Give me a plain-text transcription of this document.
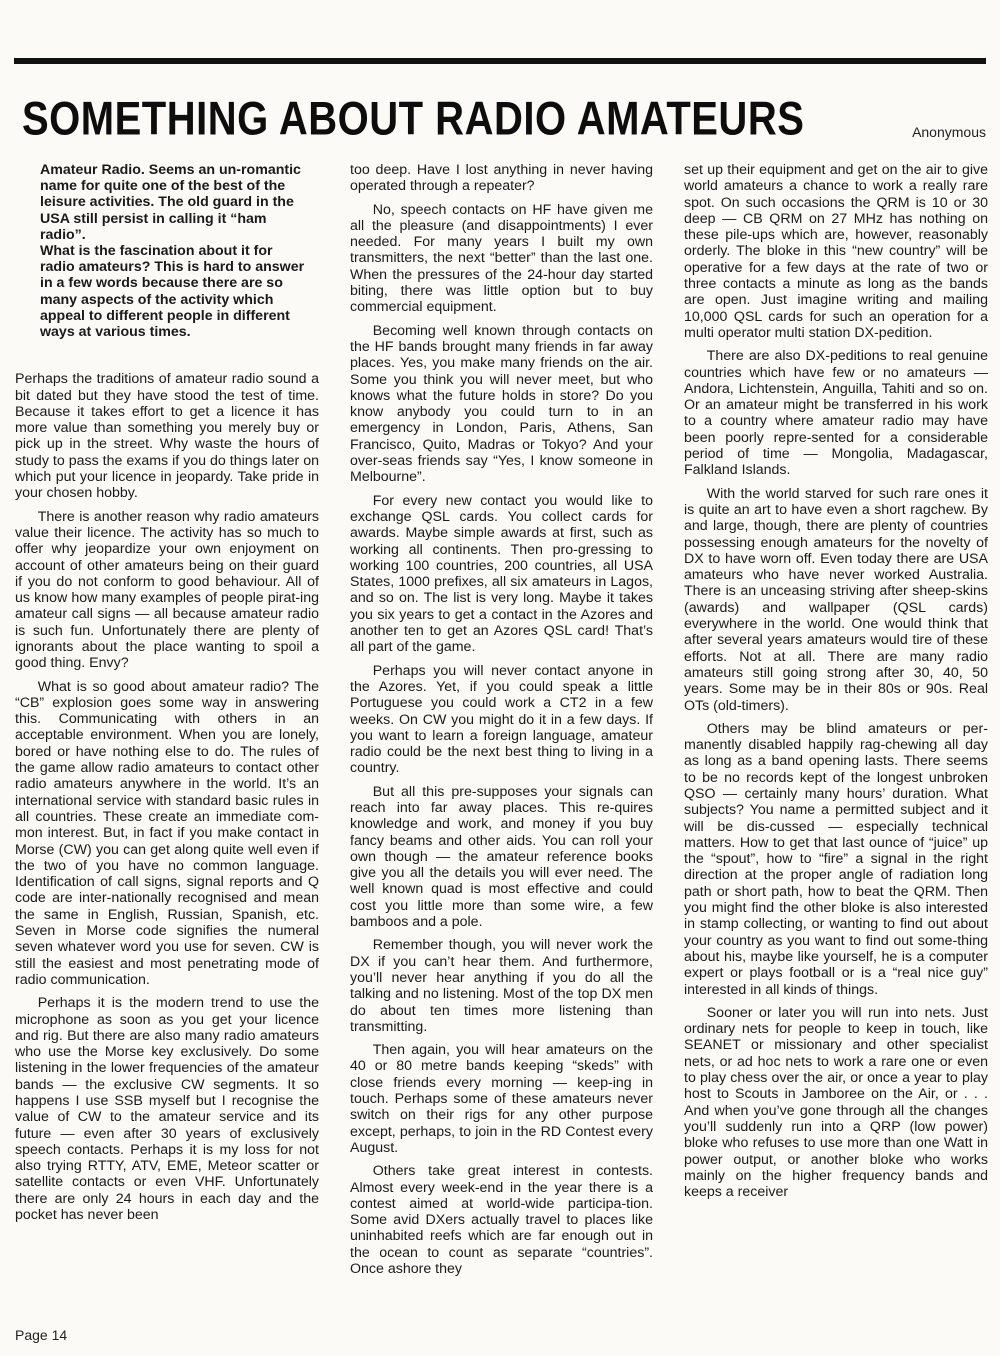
SOMETHING ABOUT RADIO AMATEURS	Anonymous
Amateur Radio. Seems an un-romantic name for quite one of the best of the leisure activities. The old guard in the USA still persist in calling it “ham radio”.
What is the fascination about it for radio amateurs? This is hard to answer in a few words because there are so many aspects of the activity which appeal to different people in different ways at various times.

Perhaps the traditions of amateur radio sound a bit dated but they have stood the test of time. Because it takes effort to get a licence it has more value than something you merely buy or pick up in the street. Why waste the hours of study to pass the exams if you do things later on which put your licence in jeopardy. Take pride in your chosen hobby.

There is another reason why radio amateurs value their licence. The activity has so much to offer why jeopardize your own enjoyment on account of other amateurs being on their guard if you do not conform to good behaviour. All of us know how many examples of people pirat-ing amateur call signs — all because amateur radio is such fun. Unfortunately there are plenty of ignorants about the place wanting to spoil a good thing. Envy?

What is so good about amateur radio? The “CB” explosion goes some way in answering this. Communicating with others in an acceptable environment. When you are lonely, bored or have nothing else to do. The rules of the game allow radio amateurs to contact other radio amateurs anywhere in the world. It’s an international service with standard basic rules in all countries. These create an immediate com-mon interest. But, in fact if you make contact in Morse (CW) you can get along quite well even if the two of you have no common language. Identification of call signs, signal reports and Q code are inter-nationally recognised and mean the same in English, Russian, Spanish, etc. Seven in Morse code signifies the numeral seven whatever word you use for seven. CW is still the easiest and most penetrating mode of radio communication.

Perhaps it is the modern trend to use the microphone as soon as you get your licence and rig. But there are also many radio amateurs who use the Morse key exclusively. Do some listening in the lower frequencies of the amateur bands — the exclusive CW segments. It so happens I use SSB myself but I recognise the value of CW to the amateur service and its future — even after 30 years of exclusively speech contacts. Perhaps it is my loss for not also trying RTTY, ATV, EME, Meteor scatter or satellite contacts or even VHF. Unfortunately there are only 24 hours in each day and the pocket has never been

too deep. Have I lost anything in never having operated through a repeater?

No, speech contacts on HF have given me all the pleasure (and disappointments) I ever needed. For many years I built my own transmitters, the next “better” than the last one. When the pressures of the 24-hour day started biting, there was little option but to buy commercial equipment.

Becoming well known through contacts on the HF bands brought many friends in far away places. Yes, you make many friends on the air. Some you think you will never meet, but who knows what the future holds in store? Do you know anybody you could turn to in an emergency in London, Paris, Athens, San Francisco, Quito, Madras or Tokyo? And your over-seas friends say “Yes, I know someone in Melbourne”.

For every new contact you would like to exchange QSL cards. You collect cards for awards. Maybe simple awards at first, such as working all continents. Then pro-gressing to working 100 countries, 200 countries, all USA States, 1000 prefixes, all six amateurs in Lagos, and so on. The list is very long. Maybe it takes you six years to get a contact in the Azores and another ten to get an Azores QSL card! That’s all part of the game.

Perhaps you will never contact anyone in the Azores. Yet, if you could speak a little Portuguese you could work a CT2 in a few weeks. On CW you might do it in a few days. If you want to learn a foreign language, amateur radio could be the next best thing to living in a country.

But all this pre-supposes your signals can reach into far away places. This re-quires knowledge and work, and money if you buy fancy beams and other aids. You can roll your own though — the amateur reference books give you all the details you will ever need. The well known quad is most effective and could cost you little more than some wire, a few bamboos and a pole.

Remember though, you will never work the DX if you can’t hear them. And furthermore, you’ll never hear anything if you do all the talking and no listening. Most of the top DX men do about ten times more listening than transmitting.

Then again, you will hear amateurs on the 40 or 80 metre bands keeping “skeds” with close friends every morning — keep-ing in touch. Perhaps some of these amateurs never switch on their rigs for any other purpose except, perhaps, to join in the RD Contest every August.

Others take great interest in contests. Almost every week-end in the year there is a contest aimed at world-wide participa-tion. Some avid DXers actually travel to places like uninhabited reefs which are far enough out in the ocean to count as separate “countries”. Once ashore they

set up their equipment and get on the air to give world amateurs a chance to work a really rare spot. On such occasions the QRM is 10 or 30 deep — CB QRM on 27 MHz has nothing on these pile-ups which are, however, reasonably orderly. The bloke in this “new country” will be operative for a few days at the rate of two or three contacts a minute as long as the bands are open. Just imagine writing and mailing 10,000 QSL cards for such an operation for a multi operator multi station DX-pedition.

There are also DX-peditions to real genuine countries which have few or no amateurs — Andora, Lichtenstein, Anguilla, Tahiti and so on. Or an amateur might be transferred in his work to a country where amateur radio may have been poorly repre-sented for a considerable period of time — Mongolia, Madagascar, Falkland Islands.

With the world starved for such rare ones it is quite an art to have even a short ragchew. By and large, though, there are plenty of countries possessing enough amateurs for the novelty of DX to have worn off. Even today there are USA amateurs who have never worked Australia. There is an unceasing striving after sheep-skins (awards) and wallpaper (QSL cards) everywhere in the world. One would think that after several years amateurs would tire of these efforts. Not at all. There are many radio amateurs still going strong after 30, 40, 50 years. Some may be in their 80s or 90s. Real OTs (old-timers).

Others may be blind amateurs or per-manently disabled happily rag-chewing all day as long as a band opening lasts. There seems to be no records kept of the longest unbroken QSO — certainly many hours’ duration. What subjects? You name a permitted subject and it will be dis-cussed — especially technical matters. How to get that last ounce of “juice” up the “spout”, how to “fire” a signal in the right direction at the proper angle of radiation long path or short path, how to beat the QRM. Then you might find the other bloke is also interested in stamp collecting, or wanting to find out about your country as you want to find out some-thing about his, maybe like yourself, he is a computer expert or plays football or is a “real nice guy” interested in all kinds of things.

Sooner or later you will run into nets. Just ordinary nets for people to keep in touch, like SEANET or missionary and other specialist nets, or ad hoc nets to work a rare one or even to play chess over the air, or once a year to play host to Scouts in Jamboree on the Air, or . . . And when you’ve gone through all the changes you’ll suddenly run into a QRP (low power) bloke who refuses to use more than one Watt in power output, or another bloke who works mainly on the higher frequency bands and keeps a receiver

Page 14
